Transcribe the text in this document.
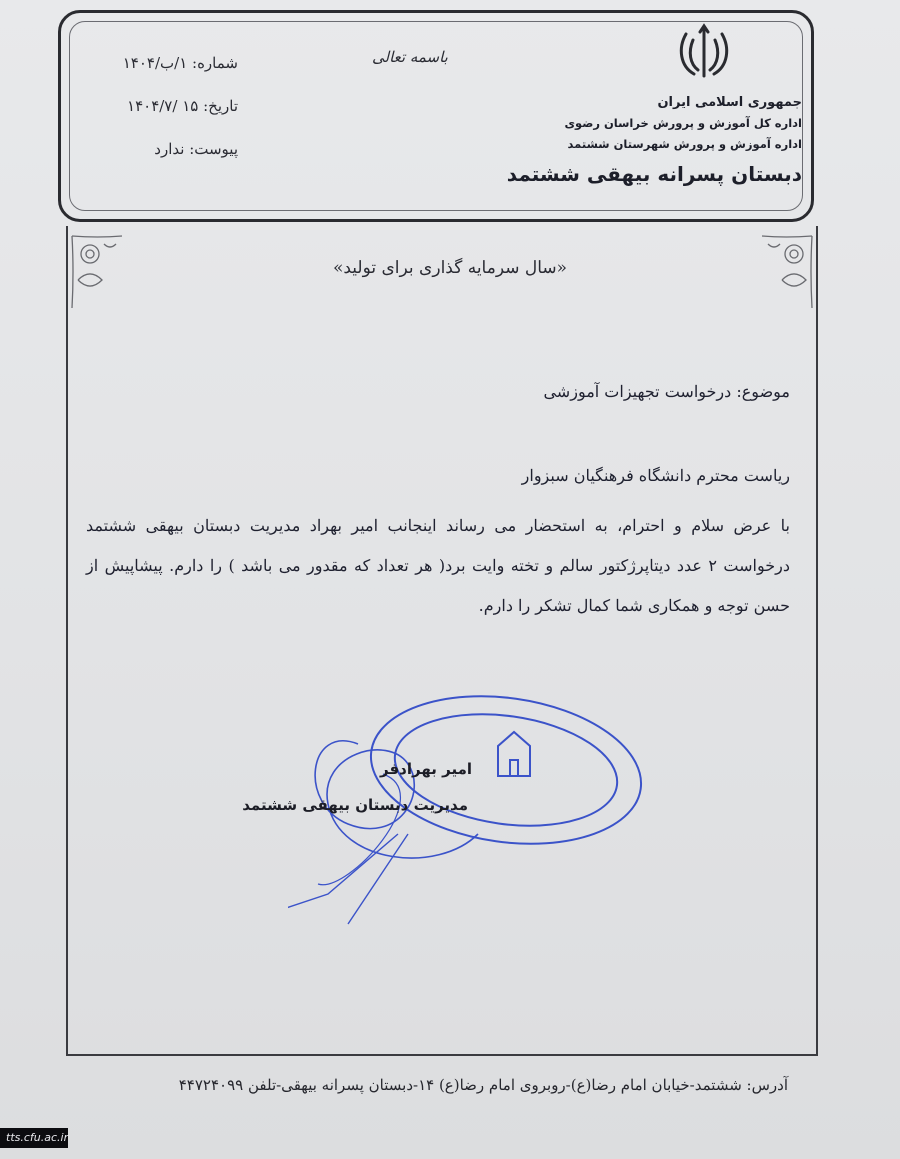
جمهوری اسلامی ایران
اداره کل آموزش و پرورش خراسان رضوی
اداره آموزش و پرورش شهرستان ششتمد
دبستان پسرانه بیهقی ششتمد
باسمه تعالی
شماره: ۱/ب/۱۴۰۴
تاریخ: ۱۵ /۱۴۰۴/۷
پیوست: ندارد
«سال سرمایه گذاری برای تولید»
موضوع: درخواست تجهیزات آموزشی
ریاست محترم دانشگاه فرهنگیان سبزوار
با عرض سلام و احترام، به استحضار می رساند اینجانب امیر بهراد مدیریت دبستان بیهقی ششتمد درخواست ۲ عدد دیتاپرژکتور سالم و تخته وایت برد( هر تعداد که مقدور می باشد ) را دارم. پیشاپیش از حسن توجه و همکاری شما کمال تشکر را دارم.
امیر بهرادفر
مدیریت دبستان بیهقی ششتمد
آدرس: ششتمد-خیابان امام رضا(ع)-روبروی امام رضا(ع) ۱۴-دبستان پسرانه بیهقی-تلفن ۴۴۷۲۴۰۹۹
tts.cfu.ac.ir
